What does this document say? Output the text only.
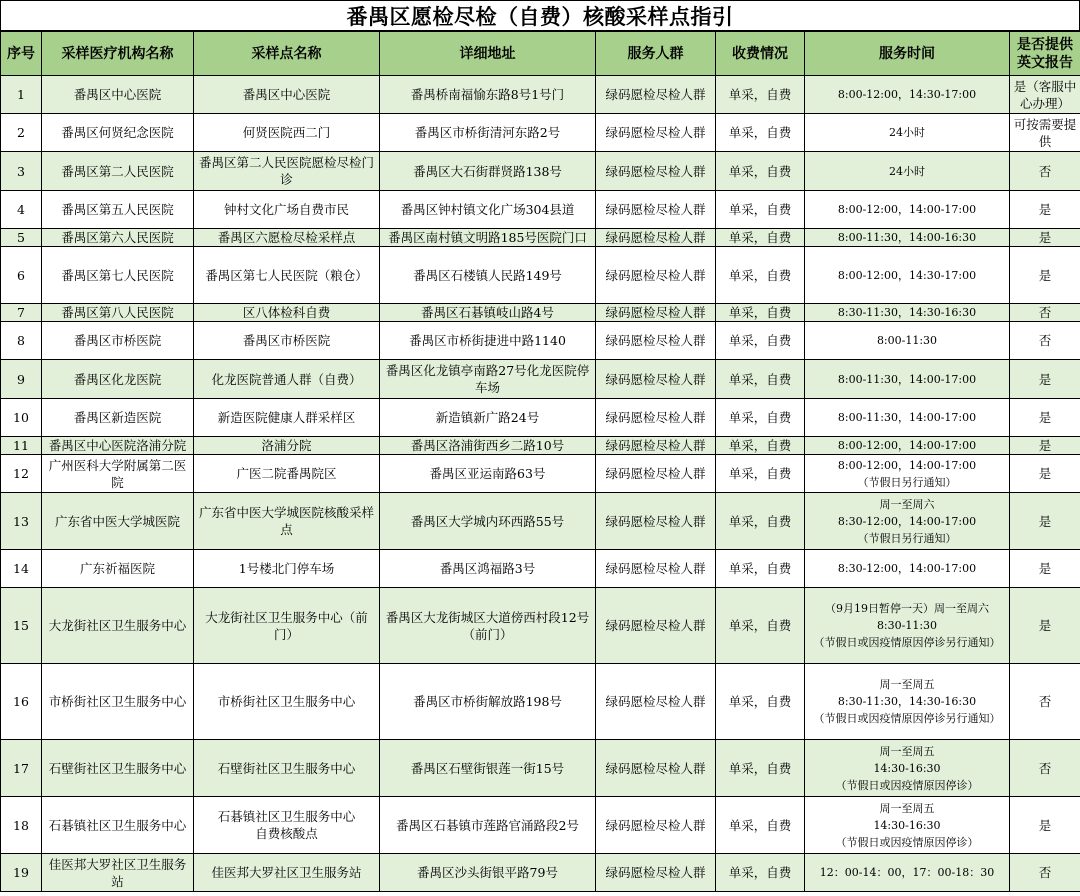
番禺区愿检尽检（自费）核酸采样点指引
序号	采样医疗机构名称	采样点名称	详细地址	服务人群	收费情况	服务时间	是否提供英文报告
1	番禺区中心医院	番禺区中心医院	番禺桥南福愉东路8号1号门	绿码愿检尽检人群	单采，自费	8:00-12:00，14:30-17:00	是（客服中心办理）
2	番禺区何贤纪念医院	何贤医院西二门	番禺区市桥街清河东路2号	绿码愿检尽检人群	单采，自费	24小时	可按需要提供
3	番禺区第二人民医院	番禺区第二人民医院愿检尽检门诊	番禺区大石街群贤路138号	绿码愿检尽检人群	单采，自费	24小时	否
4	番禺区第五人民医院	钟村文化广场自费市民	番禺区钟村镇文化广场304县道	绿码愿检尽检人群	单采，自费	8:00-12:00，14:00-17:00	是
5	番禺区第六人民医院	番禺区六愿检尽检采样点	番禺区南村镇文明路185号医院门口	绿码愿检尽检人群	单采，自费	8:00-11:30，14:00-16:30	是
6	番禺区第七人民医院	番禺区第七人民医院（粮仓）	番禺区石楼镇人民路149号	绿码愿检尽检人群	单采，自费	8:00-12:00，14:30-17:00	是
7	番禺区第八人民医院	区八体检科自费	番禺区石碁镇岐山路4号	绿码愿检尽检人群	单采，自费	8:30-11:30，14:30-16:30	否
8	番禺区市桥医院	番禺区市桥医院	番禺区市桥街捷进中路1140	绿码愿检尽检人群	单采，自费	8:00-11:30	否
9	番禺区化龙医院	化龙医院普通人群（自费）	番禺区化龙镇亭南路27号化龙医院停车场	绿码愿检尽检人群	单采，自费	8:00-11:30，14:00-17:00	是
10	番禺区新造医院	新造医院健康人群采样区	新造镇新广路24号	绿码愿检尽检人群	单采，自费	8:00-11:30，14:00-17:00	是
11	番禺区中心医院洛浦分院	洛浦分院	番禺区洛浦街西乡二路10号	绿码愿检尽检人群	单采，自费	8:00-12:00，14:00-17:00	是
12	广州医科大学附属第二医院	广医二院番禺院区	番禺区亚运南路63号	绿码愿检尽检人群	单采，自费	8:00-12:00，14:00-17:00
（节假日另行通知）	是
13	广东省中医大学城医院	广东省中医大学城医院核酸采样点	番禺区大学城内环西路55号	绿码愿检尽检人群	单采，自费	周一至周六
8:30-12:00，14:00-17:00
（节假日另行通知）	是
14	广东祈福医院	1号楼北门停车场	番禺区鸿福路3号	绿码愿检尽检人群	单采，自费	8:30-12:00，14:00-17:00	是
15	大龙街社区卫生服务中心	大龙街社区卫生服务中心（前门）	番禺区大龙街城区大道傍西村段12号（前门）	绿码愿检尽检人群	单采，自费	（9月19日暂停一天）周一至周六
8:30-11:30
（节假日或因疫情原因停诊另行通知）	是
16	市桥街社区卫生服务中心	市桥街社区卫生服务中心	番禺区市桥街解放路198号	绿码愿检尽检人群	单采，自费	周一至周五
8:30-11:30，14:30-16:30
（节假日或因疫情原因停诊另行通知）	否
17	石壁街社区卫生服务中心	石壁街社区卫生服务中心	番禺区石壁街银莲一街15号	绿码愿检尽检人群	单采，自费	周一至周五
14:30-16:30
（节假日或因疫情原因停诊）	否
18	石碁镇社区卫生服务中心	石碁镇社区卫生服务中心
自费核酸点	番禺区石碁镇市莲路官涌路段2号	绿码愿检尽检人群	单采，自费	周一至周五
14:30-16:30
（节假日或因疫情原因停诊）	是
19	佳医邦大罗社区卫生服务站	佳医邦大罗社区卫生服务站	番禺区沙头街银平路79号	绿码愿检尽检人群	单采，自费	12：00-14：00，17：00-18：30	否
